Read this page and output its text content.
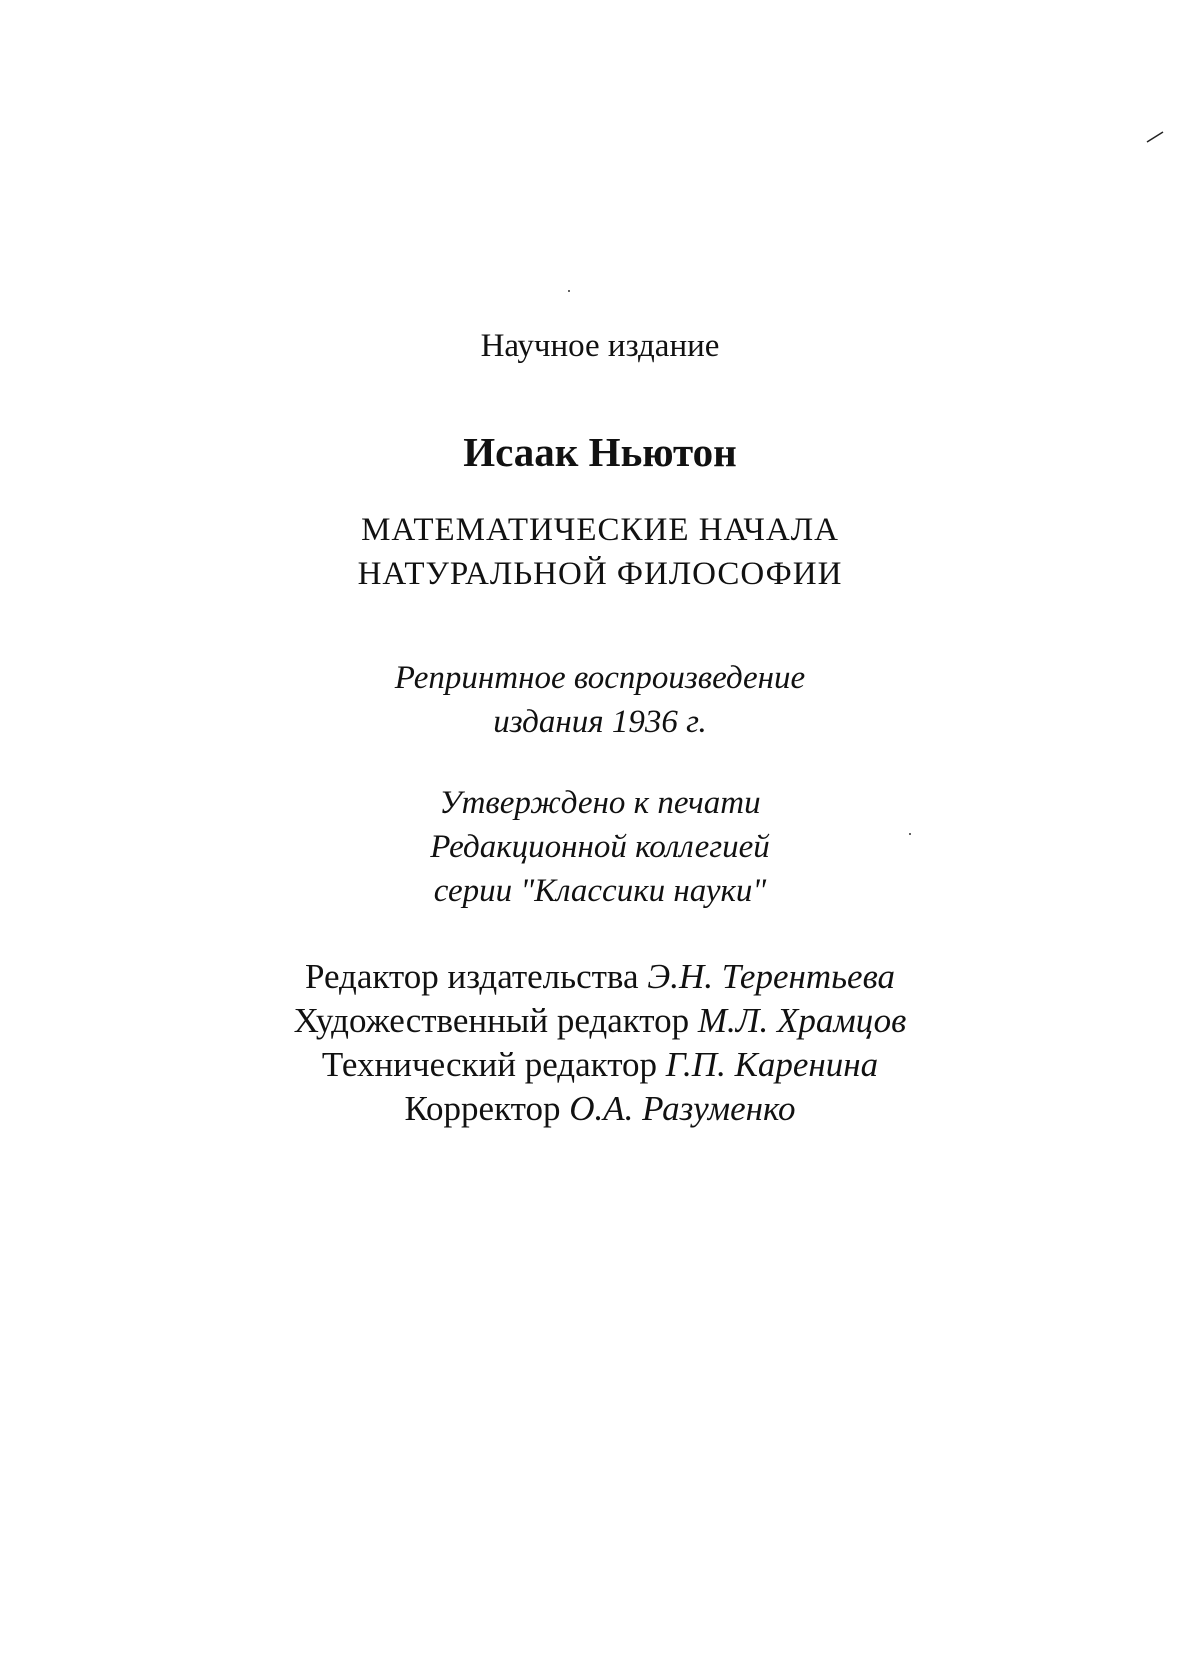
Научное издание
Исаак Ньютон
МАТЕМАТИЧЕСКИЕ НАЧАЛА
НАТУРАЛЬНОЙ ФИЛОСОФИИ
Репринтное воспроизведение
издания 1936 г.
Утверждено к печати
Редакционной коллегией
серии "Классики науки"
Редактор издательства Э.Н. Терентьева
Художественный редактор М.Л. Храмцов
Технический редактор Г.П. Каренина
Корректор О.А. Разуменко
